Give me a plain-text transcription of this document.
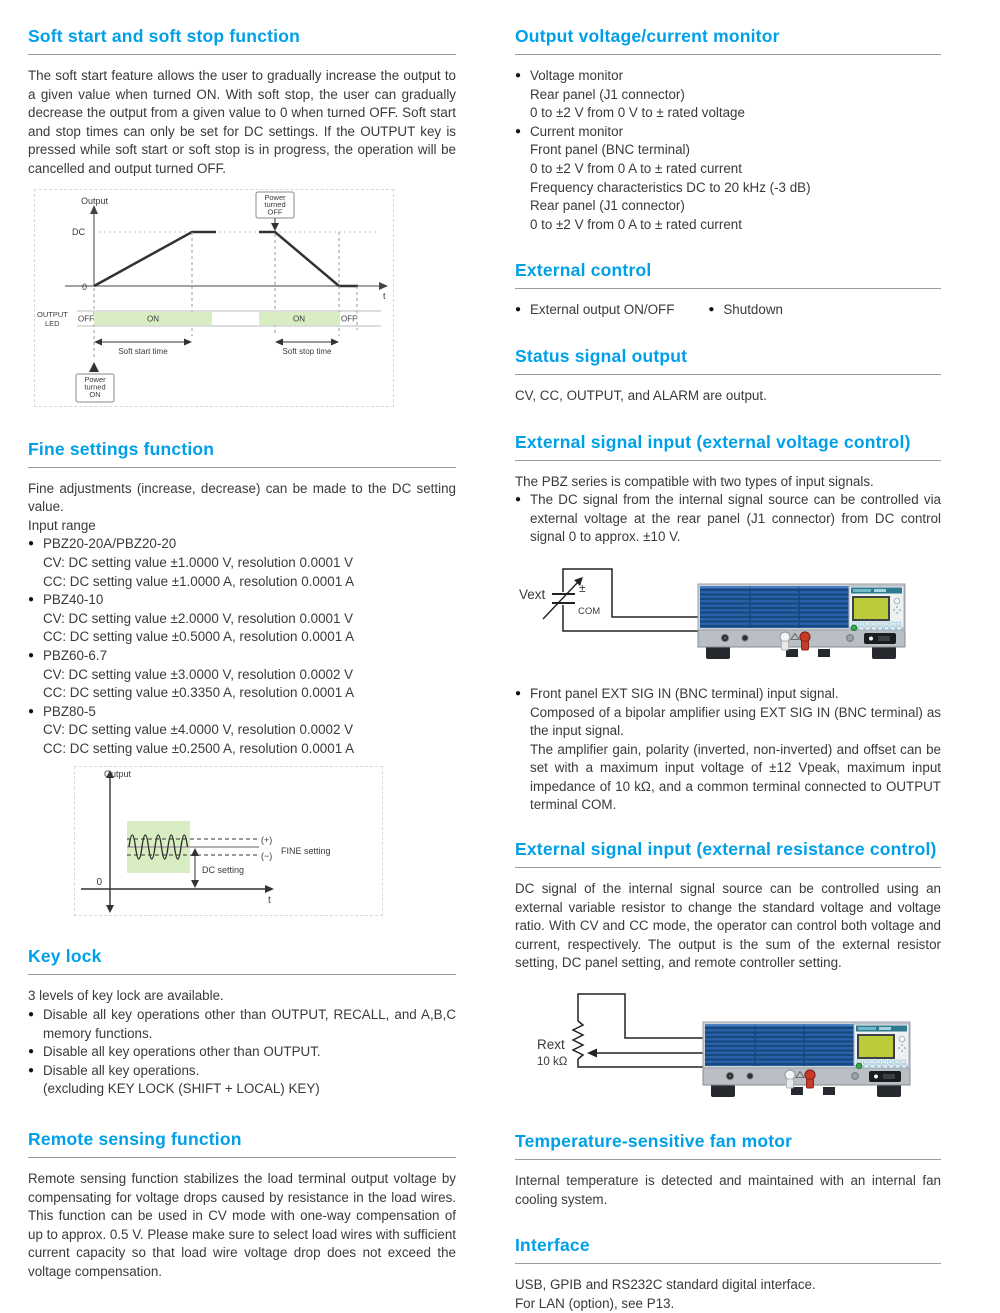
Soft start and soft stop function

The soft start feature allows the user to gradually increase the output to a given value when turned ON. With soft stop, the user can gradually decrease the output from a given value to 0 when turned OFF. Soft start and stop times can only be set for DC settings. If the OUTPUT key is pressed while soft start or soft stop is in progress, the operation will be cancelled and output turned OFF.

Output
t
0
DC
OUTPUT
LED OFF	ON	ON	OFF
Soft start time	Soft stop time
Power
turned
ON
Power
turned
OFF
Fine settings function

Fine adjustments (increase, decrease) can be made to the DC setting value.

Input range
● PBZ20-20A/PBZ20-20
CV: DC setting value ±1.0000 V, resolution 0.0001 V
CC: DC setting value ±1.0000 A, resolution 0.0001 A
● PBZ40-10
CV: DC setting value ±2.0000 V, resolution 0.0001 V
CC: DC setting value ±0.5000 A, resolution 0.0001 A
● PBZ60-6.7
CV: DC setting value ±3.0000 V, resolution 0.0002 V
CC: DC setting value ±0.3350 A, resolution 0.0001 A
● PBZ80-5
CV: DC setting value ±4.0000 V, resolution 0.0002 V
CC: DC setting value ±0.2500 A, resolution 0.0001 A
Output
t
0
(+)
(−) FINE setting
DC setting
Key lock

3 levels of key lock are available.

● Disable all key operations other than OUTPUT, RECALL, and A,B,C memory functions.
● Disable all key operations other than OUTPUT.
● Disable all key operations.
(excluding KEY LOCK (SHIFT + LOCAL) KEY)
Remote sensing function

Remote sensing function stabilizes the load terminal output voltage by compensating for voltage drops caused by resistance in the load wires. This function can be used in CV mode with one-way compensation of up to approx. 0.5 V. Please make sure to select load wires with sufficient current capacity so that load wire voltage drop does not exceed the voltage compensation.

Output voltage/current monitor
● Voltage monitor
Rear panel (J1 connector)
0 to ±2 V from 0 V to ± rated voltage
● Current monitor
Front panel (BNC terminal)
0 to ±2 V from 0 A to ± rated current
Frequency characteristics DC to 20 kHz (-3 dB)
Rear panel (J1 connector)
0 to ±2 V from 0 A to ± rated current
External control
● External output ON/OFF	● Shutdown
Status signal output

CV, CC, OUTPUT, and ALARM are output.

External signal input (external voltage control)

The PBZ series is compatible with two types of input signals.

● The DC signal from the internal signal source can be controlled via external voltage at the rear panel (J1 connector) from DC control signal 0 to approx. ±10 V.
Vext	±
COM
● Front panel EXT SIG IN (BNC terminal) input signal.
Composed of a bipolar amplifier using EXT SIG IN (BNC terminal) as the input signal.
The amplifier gain, polarity (inverted, non-inverted) and offset can be set with a maximum input voltage of ±12 Vpeak, maximum input impedance of 10 kΩ, and a common terminal connected to OUTPUT terminal COM.
External signal input (external resistance control)

DC signal of the internal signal source can be controlled using an external variable resistor to change the standard voltage and voltage ratio. With CV and CC mode, the operator can control both voltage and current, respectively. The output is the sum of the external resistor setting, DC panel setting, and remote controller setting.

Rext
10 kΩ
Temperature-sensitive fan motor

Internal temperature is detected and maintained with an internal fan cooling system.

Interface

USB, GPIB and RS232C standard digital interface.

For LAN (option), see P13.
